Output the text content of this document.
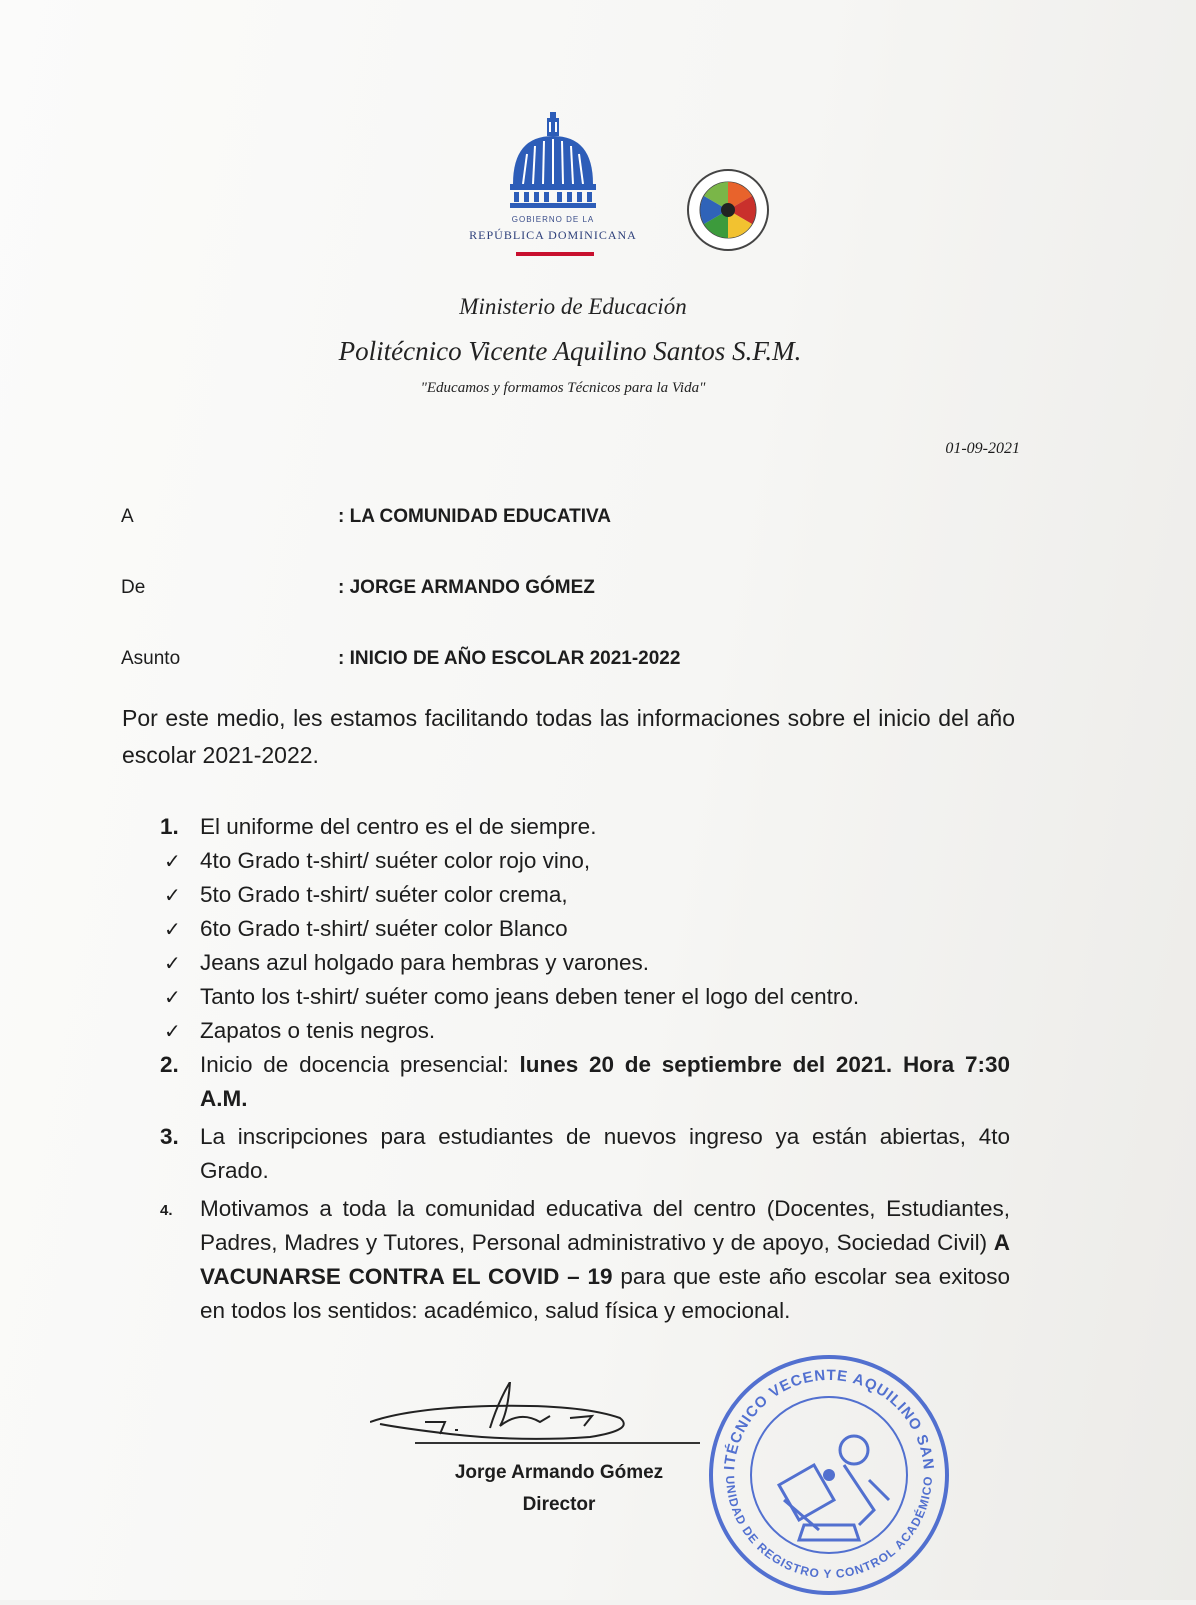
GOBIERNO DE LA
REPÚBLICA DOMINICANA
Ministerio de Educación
Politécnico Vicente Aquilino Santos S.F.M.
"Educamos y formamos Técnicos para la Vida"
01-09-2021
A	: LA COMUNIDAD EDUCATIVA
De	: JORGE ARMANDO GÓMEZ
Asunto	: INICIO DE AÑO ESCOLAR 2021-2022
Por este medio, les estamos facilitando todas las informaciones sobre el inicio del año escolar 2021-2022.
1. El uniforme del centro es el de siempre.
✓ 4to Grado t-shirt/ suéter color rojo vino,
✓ 5to Grado t-shirt/ suéter color crema,
✓ 6to Grado t-shirt/ suéter color Blanco
✓ Jeans azul holgado para hembras y varones.
✓ Tanto los t-shirt/ suéter como jeans deben tener el logo del centro.
✓ Zapatos o tenis negros.
2. Inicio de docencia presencial: lunes 20 de septiembre del 2021. Hora 7:30 A.M.
3. La inscripciones para estudiantes de nuevos ingreso ya están abiertas, 4to Grado.
4. Motivamos a toda la comunidad educativa del centro (Docentes, Estudiantes, Padres, Madres y Tutores, Personal administrativo y de apoyo, Sociedad Civil) A VACUNARSE CONTRA EL COVID – 19 para que este año escolar sea exitoso en todos los sentidos: académico, salud física y emocional.
Jorge Armando Gómez
Director
ITÉCNICO VECENTE AQUILINO SAN
UNIDAD DE REGISTRO Y CONTROL ACADÉMICO
